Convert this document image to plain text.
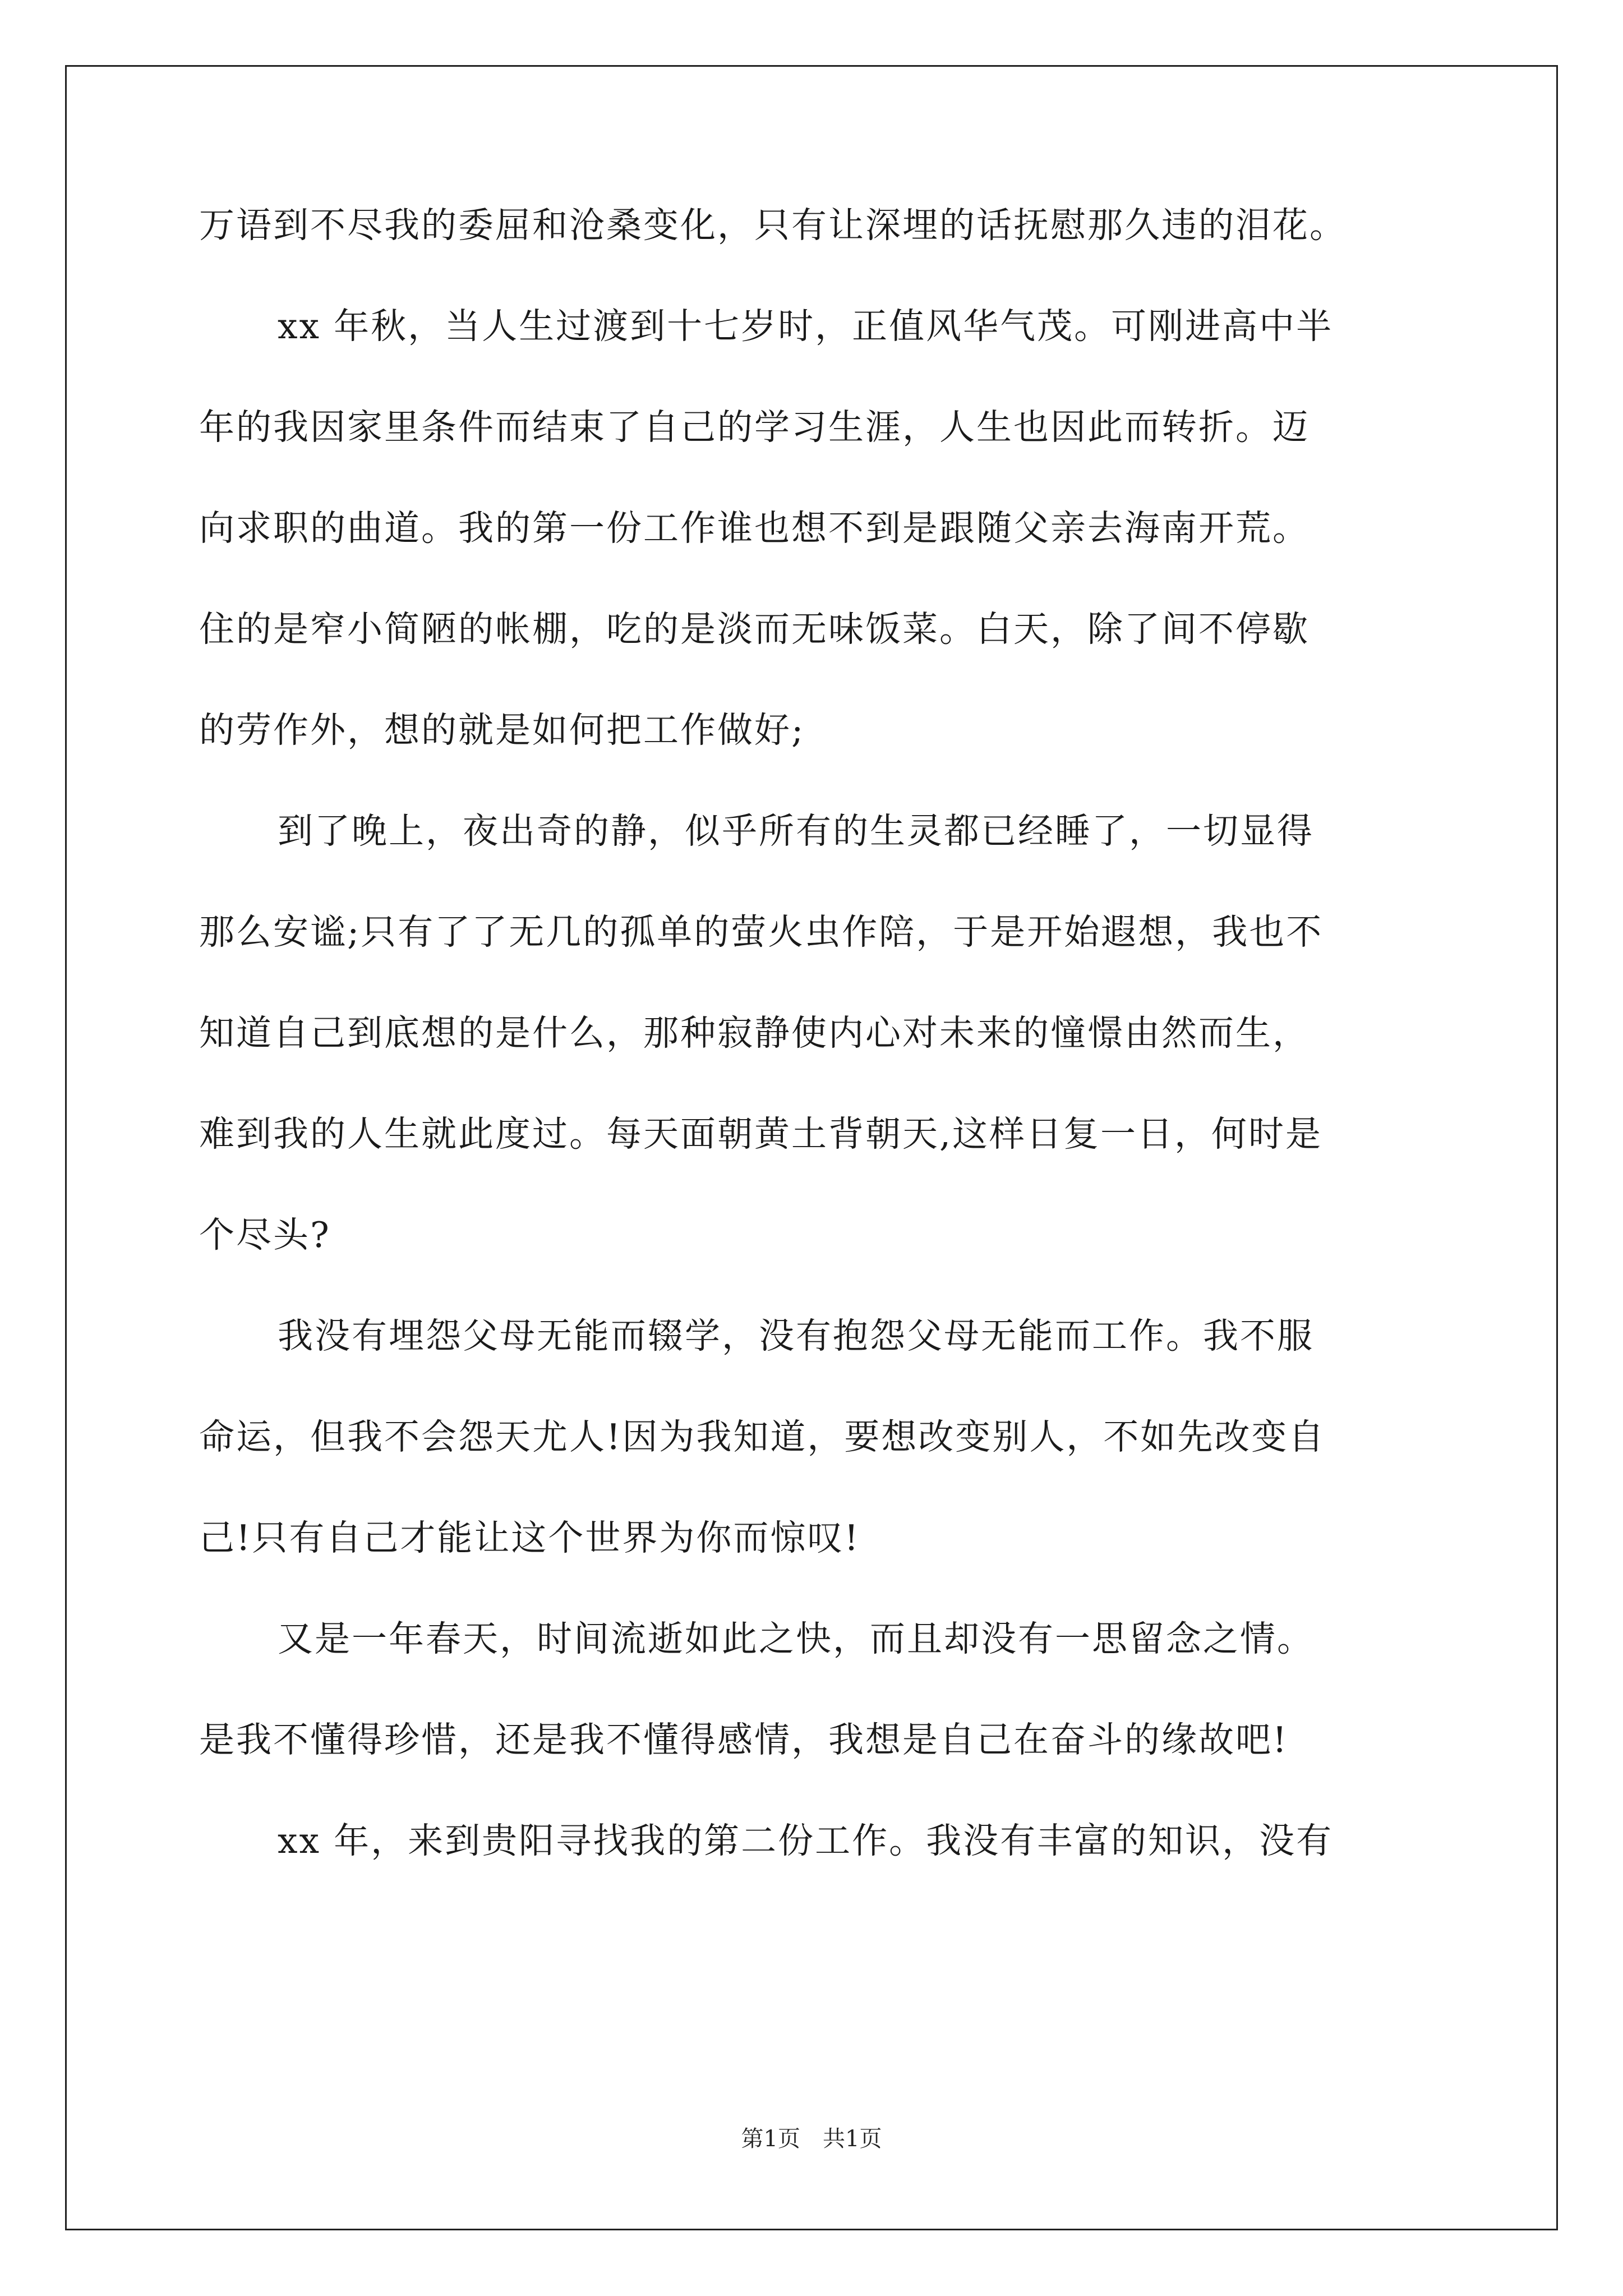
万语到不尽我的委屈和沧桑变化，只有让深埋的话抚慰那久违的泪花。
xx 年秋，当人生过渡到十七岁时，正值风华气茂。可刚进高中半
年的我因家里条件而结束了自己的学习生涯，人生也因此而转折。迈
向求职的曲道。我的第一份工作谁也想不到是跟随父亲去海南开荒。
住的是窄小简陋的帐棚，吃的是淡而无味饭菜。白天，除了间不停歇
的劳作外，想的就是如何把工作做好;
到了晚上，夜出奇的静，似乎所有的生灵都已经睡了，一切显得
那么安谧;只有了了无几的孤单的萤火虫作陪，于是开始遐想，我也不
知道自己到底想的是什么，那种寂静使内心对未来的憧憬由然而生，
难到我的人生就此度过。每天面朝黄土背朝天,这样日复一日，何时是
个尽头?
我没有埋怨父母无能而辍学，没有抱怨父母无能而工作。我不服
命运，但我不会怨天尤人!因为我知道，要想改变别人，不如先改变自
己!只有自己才能让这个世界为你而惊叹!
又是一年春天，时间流逝如此之快，而且却没有一思留念之情。
是我不懂得珍惜，还是我不懂得感情，我想是自己在奋斗的缘故吧!
xx 年，来到贵阳寻找我的第二份工作。我没有丰富的知识，没有
第1页 共1页
